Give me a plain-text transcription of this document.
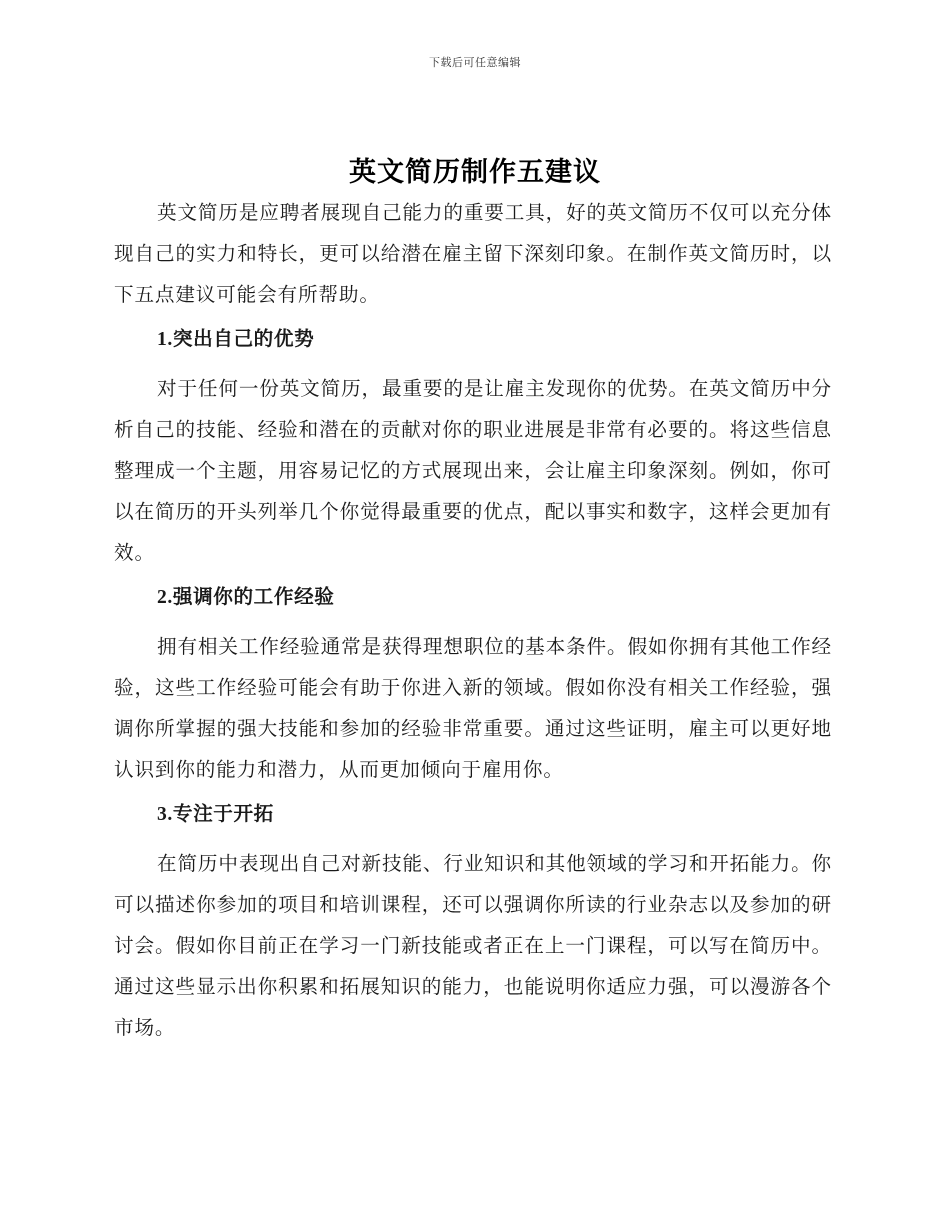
下载后可任意编辑
英文简历制作五建议

英文简历是应聘者展现自己能力的重要工具，好的英文简历不仅可以充分体现自己的实力和特长，更可以给潜在雇主留下深刻印象。在制作英文简历时，以下五点建议可能会有所帮助。

1.突出自己的优势

对于任何一份英文简历，最重要的是让雇主发现你的优势。在英文简历中分析自己的技能、经验和潜在的贡献对你的职业进展是非常有必要的。将这些信息整理成一个主题，用容易记忆的方式展现出来，会让雇主印象深刻。例如，你可以在简历的开头列举几个你觉得最重要的优点，配以事实和数字，这样会更加有效。

2.强调你的工作经验

拥有相关工作经验通常是获得理想职位的基本条件。假如你拥有其他工作经验，这些工作经验可能会有助于你进入新的领域。假如你没有相关工作经验，强调你所掌握的强大技能和参加的经验非常重要。通过这些证明，雇主可以更好地认识到你的能力和潜力，从而更加倾向于雇用你。

3.专注于开拓

在简历中表现出自己对新技能、行业知识和其他领域的学习和开拓能力。你可以描述你参加的项目和培训课程，还可以强调你所读的行业杂志以及参加的研讨会。假如你目前正在学习一门新技能或者正在上一门课程，可以写在简历中。通过这些显示出你积累和拓展知识的能力，也能说明你适应力强，可以漫游各个市场。
